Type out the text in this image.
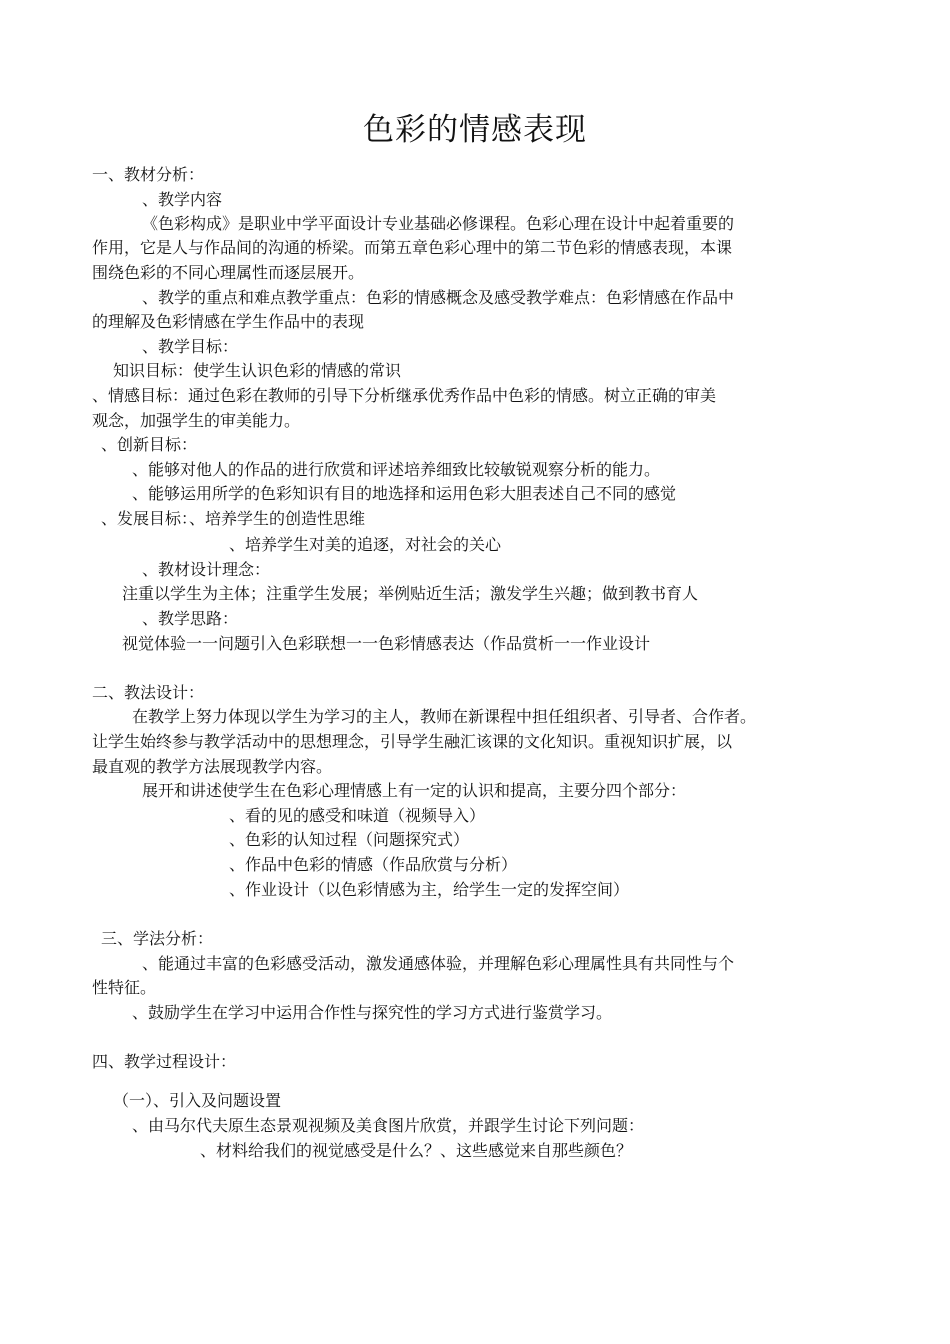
色彩的情感表现
一、教材分析：
、教学内容
《色彩构成》是职业中学平面设计专业基础必修课程。色彩心理在设计中起着重要的
作用，它是人与作品间的沟通的桥梁。而第五章色彩心理中的第二节色彩的情感表现，本课
围绕色彩的不同心理属性而逐层展开。
、教学的重点和难点教学重点：色彩的情感概念及感受教学难点：色彩情感在作品中
的理解及色彩情感在学生作品中的表现
、教学目标：
知识目标：使学生认识色彩的情感的常识
、情感目标：通过色彩在教师的引导下分析继承优秀作品中色彩的情感。树立正确的审美
观念，加强学生的审美能力。
、创新目标：
、能够对他人的作品的进行欣赏和评述培养细致比较敏锐观察分析的能力。
、能够运用所学的色彩知识有目的地选择和运用色彩大胆表述自己不同的感觉
、发展目标：、培养学生的创造性思维
、培养学生对美的追逐，对社会的关心
、教材设计理念：
注重以学生为主体；注重学生发展；举例贴近生活；激发学生兴趣；做到教书育人
、教学思路：
视觉体验一一问题引入色彩联想一一色彩情感表达（作品赏析一一作业设计
二、教法设计：
在教学上努力体现以学生为学习的主人，教师在新课程中担任组织者、引导者、合作者。
让学生始终参与教学活动中的思想理念，引导学生融汇该课的文化知识。重视知识扩展，以
最直观的教学方法展现教学内容。
展开和讲述使学生在色彩心理情感上有一定的认识和提高，主要分四个部分：
、看的见的感受和味道（视频导入）
、色彩的认知过程（问题探究式）
、作品中色彩的情感（作品欣赏与分析）
、作业设计（以色彩情感为主，给学生一定的发挥空间）
三、学法分析：
、能通过丰富的色彩感受活动，激发通感体验，并理解色彩心理属性具有共同性与个
性特征。
、鼓励学生在学习中运用合作性与探究性的学习方式进行鉴赏学习。
四、教学过程设计：
（一）、引入及问题设置
、由马尔代夫原生态景观视频及美食图片欣赏，并跟学生讨论下列问题：
、材料给我们的视觉感受是什么？、这些感觉来自那些颜色？
